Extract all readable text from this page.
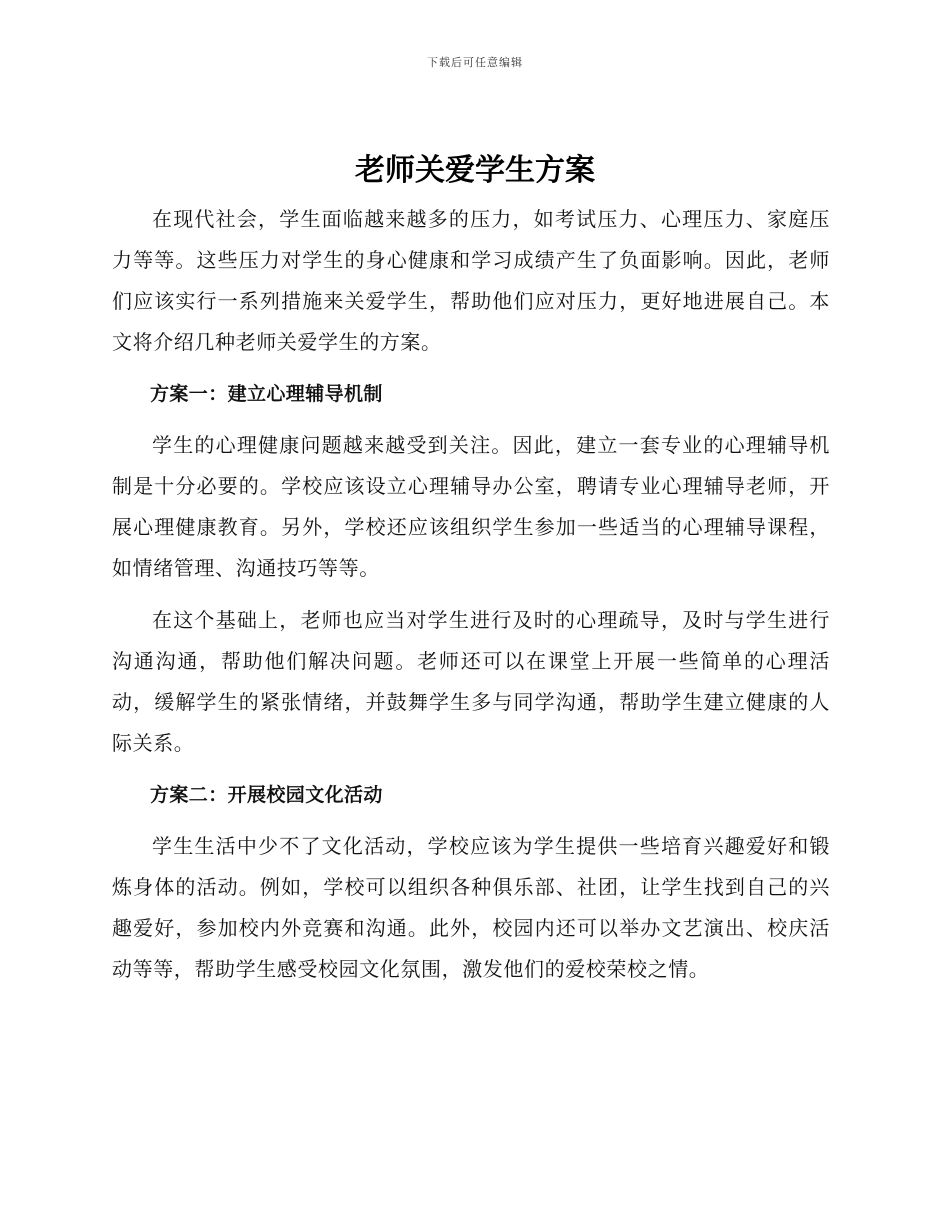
下载后可任意编辑
老师关爱学生方案

在现代社会，学生面临越来越多的压力，如考试压力、心理压力、家庭压力等等。这些压力对学生的身心健康和学习成绩产生了负面影响。因此，老师们应该实行一系列措施来关爱学生，帮助他们应对压力，更好地进展自己。本文将介绍几种老师关爱学生的方案。

方案一：建立心理辅导机制

学生的心理健康问题越来越受到关注。因此，建立一套专业的心理辅导机制是十分必要的。学校应该设立心理辅导办公室，聘请专业心理辅导老师，开展心理健康教育。另外，学校还应该组织学生参加一些适当的心理辅导课程，如情绪管理、沟通技巧等等。

在这个基础上，老师也应当对学生进行及时的心理疏导，及时与学生进行沟通沟通，帮助他们解决问题。老师还可以在课堂上开展一些简单的心理活动，缓解学生的紧张情绪，并鼓舞学生多与同学沟通，帮助学生建立健康的人际关系。

方案二：开展校园文化活动

学生生活中少不了文化活动，学校应该为学生提供一些培育兴趣爱好和锻炼身体的活动。例如，学校可以组织各种俱乐部、社团，让学生找到自己的兴趣爱好，参加校内外竞赛和沟通。此外，校园内还可以举办文艺演出、校庆活动等等，帮助学生感受校园文化氛围，激发他们的爱校荣校之情。
